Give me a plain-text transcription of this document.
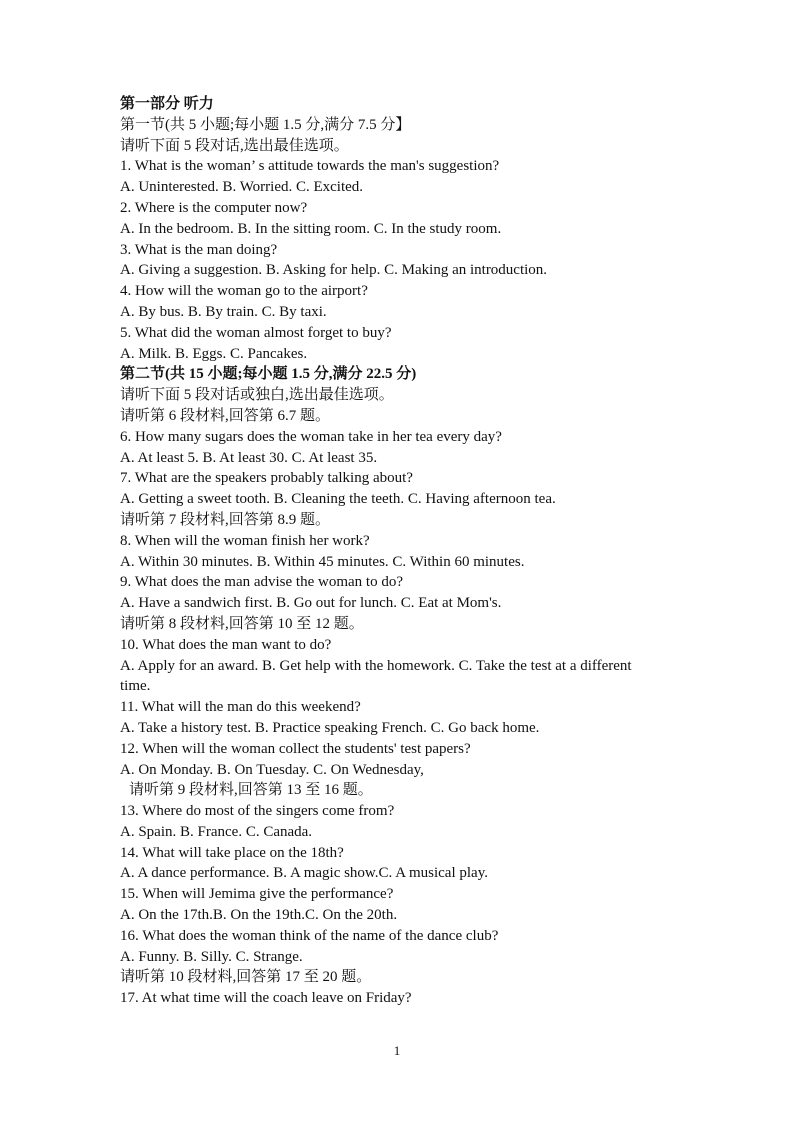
第一部分 听力

第一节(共 5 小题;每小题 1.5 分,满分 7.5 分】

请听下面 5 段对话,选出最佳选项。

1. What is the woman’ s attitude towards the man's suggestion?

A. Uninterested. B. Worried. C. Excited.

2. Where is the computer now?

A. In the bedroom. B. In the sitting room. C. In the study room.

3. What is the man doing?

A. Giving a suggestion. B. Asking for help. C. Making an introduction.

4. How will the woman go to the airport?

A. By bus. B. By train. C. By taxi.

5. What did the woman almost forget to buy?

A. Milk. B. Eggs. C. Pancakes.

第二节(共 15 小题;每小题 1.5 分,满分 22.5 分)

请听下面 5 段对话或独白,选出最佳选项。

请听第 6 段材料,回答第 6.7 题。

6. How many sugars does the woman take in her tea every day?

A. At least 5. B. At least 30. C. At least 35.

7. What are the speakers probably talking about?

A. Getting a sweet tooth. B. Cleaning the teeth. C. Having afternoon tea.

请听第 7 段材料,回答第 8.9 题。

8. When will the woman finish her work?

A. Within 30 minutes. B. Within 45 minutes. C. Within 60 minutes.

9. What does the man advise the woman to do?

A. Have a sandwich first. B. Go out for lunch. C. Eat at Mom's.

请听第 8 段材料,回答第 10 至 12 题。

10. What does the man want to do?

A. Apply for an award. B. Get help with the homework. C. Take the test at a different

time.

11. What will the man do this weekend?

A. Take a history test. B. Practice speaking French. C. Go back home.

12. When will the woman collect the students' test papers?

A. On Monday. B. On Tuesday. C. On Wednesday,

请听第 9 段材料,回答第 13 至 16 题。

13. Where do most of the singers come from?

A. Spain. B. France. C. Canada.

14. What will take place on the 18th?

A. A dance performance. B. A magic show.C. A musical play.

15. When will Jemima give the performance?

A. On the 17th.B. On the 19th.C. On the 20th.

16. What does the woman think of the name of the dance club?

A. Funny. B. Silly. C. Strange.

请听第 10 段材料,回答第 17 至 20 题。

17. At what time will the coach leave on Friday?

1
